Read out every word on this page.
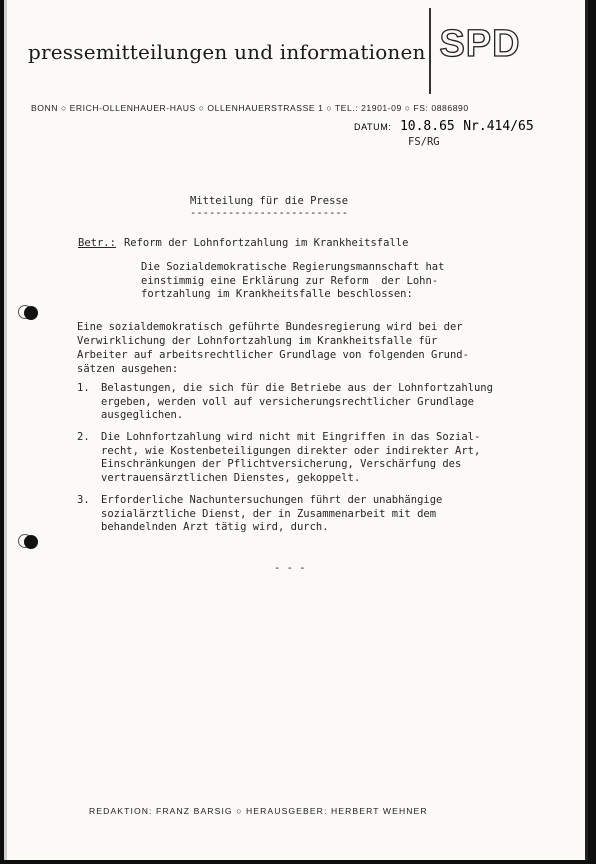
pressemitteilungen und informationen SPD
BONN ○ ERICH-OLLENHAUER-HAUS ○ OLLENHAUERSTRASSE 1 ○ TEL.: 21901-09 ○ FS: 0886890
DATUM: 10.8.65 Nr.414/65
FS/RG
Mitteilung für die Presse
-------------------------
Betr.: Reform der Lohnfortzahlung im Krankheitsfalle
Die Sozialdemokratische Regierungsmannschaft hat
einstimmig eine Erklärung zur Reform  der Lohn-
fortzahlung im Krankheitsfalle beschlossen:
Eine sozialdemokratisch geführte Bundesregierung wird bei der
Verwirklichung der Lohnfortzahlung im Krankheitsfalle für
Arbeiter auf arbeitsrechtlicher Grundlage von folgenden Grund-
sätzen ausgehen:
1.	Belastungen, die sich für die Betriebe aus der Lohnfortzahlung
ergeben, werden voll auf versicherungsrechtlicher Grundlage
ausgeglichen.
2.	Die Lohnfortzahlung wird nicht mit Eingriffen in das Sozial-
recht, wie Kostenbeteiligungen direkter oder indirekter Art,
Einschränkungen der Pflichtversicherung, Verschärfung des
vertrauensärztlichen Dienstes, gekoppelt.
3.	Erforderliche Nachuntersuchungen führt der unabhängige
sozialärztliche Dienst, der in Zusammenarbeit mit dem
behandelnden Arzt tätig wird, durch.
- - -
REDAKTION: FRANZ BARSIG ○ HERAUSGEBER: HERBERT WEHNER
